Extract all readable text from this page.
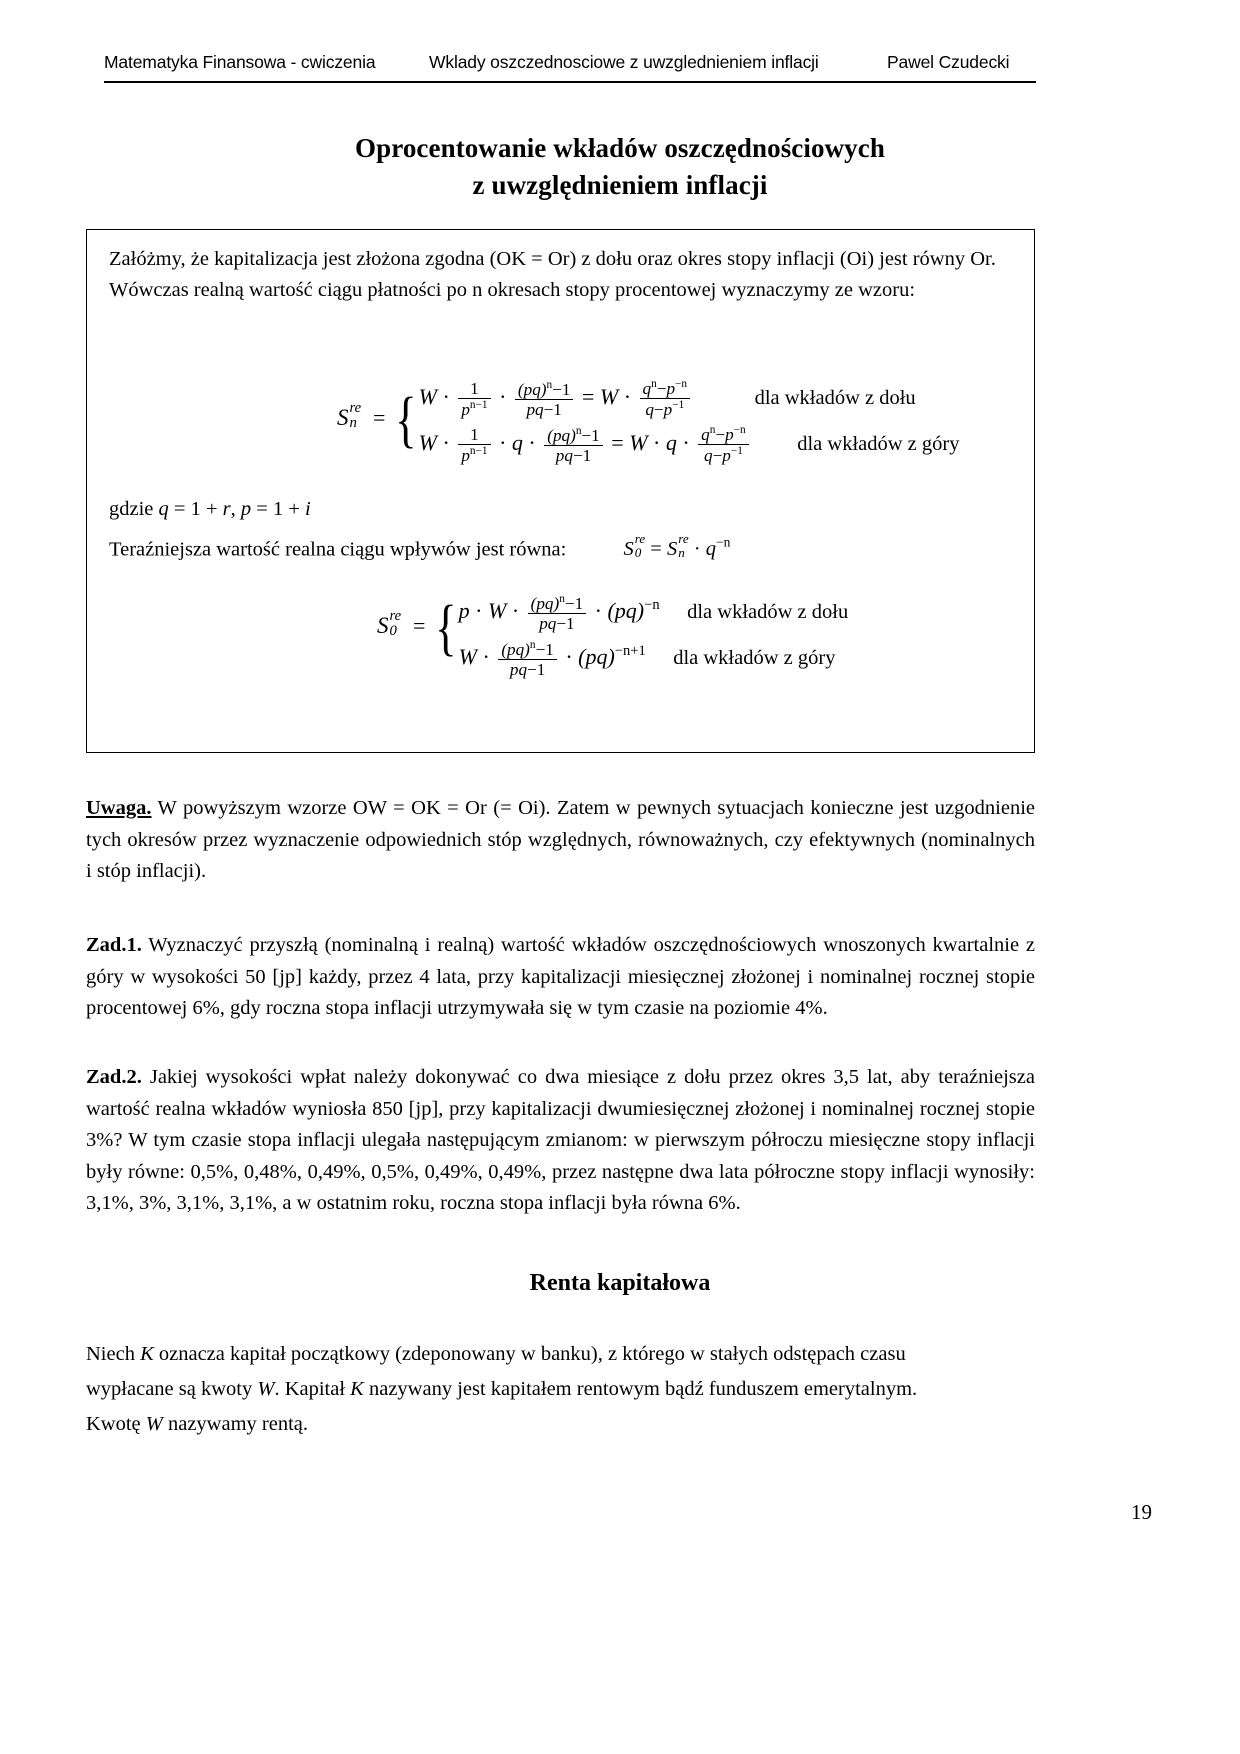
Matematyka Finansowa - cwiczenia	Wklady oszczednosciowe z uwzglednieniem inflacji	Pawel Czudecki
Oprocentowanie wkładów oszczędnościowych
z uwzględnieniem inflacji

Załóżmy, że kapitalizacja jest złożona zgodna (OK = Or) z dołu oraz okres stopy inflacji (Oi) jest równy Or. Wówczas realną wartość ciągu płatności po n okresach stopy procentowej wyznaczymy ze wzoru:

S re
n = { $W \cdot \frac{1}{p^{n-1}} \cdot \frac{(pq)^n-1}{pq-1} = W \cdot \frac{q^n-p^{-n}}{q-p^{-1}}$	dla wkładów z dołu
$W \cdot \frac{1}{p^{n-1}} \cdot q \cdot \frac{(pq)^n-1}{pq-1} = W \cdot q \cdot \frac{q^n-p^{-n}}{q-p^{-1}}$ dla wkładów z góry
gdzie q = 1 + r, p = 1 + i
Teraźniejsza wartość realna ciągu wpływów jest równa:	S re
0 = S re
$n \cdot q^{-n}$
S re
0 = { $p \cdot W \cdot \frac{(pq)^n-1}{pq-1} \cdot (pq)^{-n}$ dla wkładów z dołu
$W \cdot \frac{(pq)^n-1}{pq-1} \cdot (pq)^{-n+1}$ dla wkładów z góry
Uwaga. W powyższym wzorze OW = OK = Or (= Oi). Zatem w pewnych sytuacjach konieczne jest uzgodnienie tych okresów przez wyznaczenie odpowiednich stóp względnych, równoważnych, czy efektywnych (nominalnych i stóp inflacji).
Zad.1. Wyznaczyć przyszłą (nominalną i realną) wartość wkładów oszczędnościowych wnoszonych kwartalnie z góry w wysokości 50 [jp] każdy, przez 4 lata, przy kapitalizacji miesięcznej złożonej i nominalnej rocznej stopie procentowej 6%, gdy roczna stopa inflacji utrzymywała się w tym czasie na poziomie 4%.
Zad.2. Jakiej wysokości wpłat należy dokonywać co dwa miesiące z dołu przez okres 3,5 lat, aby teraźniejsza wartość realna wkładów wyniosła 850 [jp], przy kapitalizacji dwumiesięcznej złożonej i nominalnej rocznej stopie 3%? W tym czasie stopa inflacji ulegała następującym zmianom: w pierwszym półroczu miesięczne stopy inflacji były równe: 0,5%, 0,48%, 0,49%, 0,5%, 0,49%, 0,49%, przez następne dwa lata półroczne stopy inflacji wynosiły: 3,1%, 3%, 3,1%, 3,1%, a w ostatnim roku, roczna stopa inflacji była równa 6%.
Renta kapitałowa
Niech K oznacza kapitał początkowy (zdeponowany w banku), z którego w stałych odstępach czasu
wypłacane są kwoty W. Kapitał K nazywany jest kapitałem rentowym bądź funduszem emerytalnym.
Kwotę W nazywamy rentą.
19
